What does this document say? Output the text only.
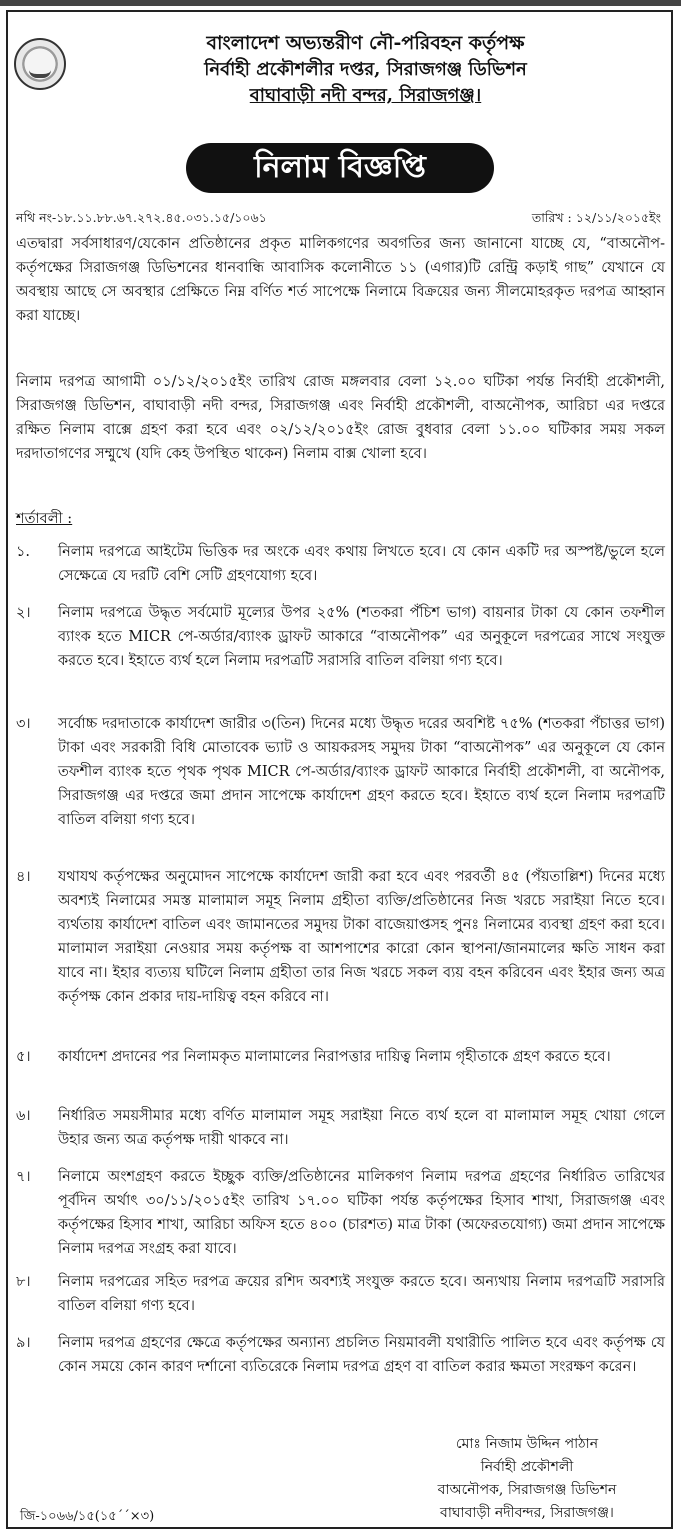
বাংলাদেশ অভ্যন্তরীণ নৌ-পরিবহন কর্তৃপক্ষ
নির্বাহী প্রকৌশলীর দপ্তর, সিরাজগঞ্জ ডিভিশন
বাঘাবাড়ী নদী বন্দর, সিরাজগঞ্জ।
নিলাম বিজ্ঞপ্তি
নথি নং-১৮.১১.৮৮.৬৭.২৭২.৪৫.০৩১.১৫/১০৬১	তারিখ : ১২/১১/২০১৫ইং
এতদ্বারা সর্বসাধারণ/যেকোন প্রতিষ্ঠানের প্রকৃত মালিকগণের অবগতির জন্য জানানো যাচ্ছে যে, “বাঅনৌপ-কর্তৃপক্ষের সিরাজগঞ্জ ডিভিশনের ধানবান্ধি আবাসিক কলোনীতে ১১ (এগার)টি রেন্ট্রি কড়াই গাছ” যেখানে যে অবস্থায় আছে সে অবস্থার প্রেক্ষিতে নিম্ন বর্ণিত শর্ত সাপেক্ষে নিলামে বিক্রয়ের জন্য সীলমোহরকৃত দরপত্র আহ্বান করা যাচ্ছে।
নিলাম দরপত্র আগামী ০১/১২/২০১৫ইং তারিখ রোজ মঙ্গলবার বেলা ১২.০০ ঘটিকা পর্যন্ত নির্বাহী প্রকৌশলী, সিরাজগঞ্জ ডিভিশন, বাঘাবাড়ী নদী বন্দর, সিরাজগঞ্জ এবং নির্বাহী প্রকৌশলী, বাঅনৌপক, আরিচা এর দপ্তরে রক্ষিত নিলাম বাক্সে গ্রহণ করা হবে এবং ০২/১২/২০১৫ইং রোজ বুধবার বেলা ১১.০০ ঘটিকার সময় সকল দরদাতাগণের সম্মুখে (যদি কেহ উপস্থিত থাকেন) নিলাম বাক্স খোলা হবে।
শর্তাবলী :
১.	নিলাম দরপত্রে আইটেম ভিত্তিক দর অংকে এবং কথায় লিখতে হবে। যে কোন একটি দর অস্পষ্ট/ভুলে হলে সেক্ষেত্রে যে দরটি বেশি সেটি গ্রহণযোগ্য হবে।
২।	নিলাম দরপত্রে উদ্ধৃত সর্বমোট মূল্যের উপর ২৫% (শতকরা পঁচিশ ভাগ) বায়নার টাকা যে কোন তফশীল ব্যাংক হতে MICR পে-অর্ডার/ব্যাংক ড্রাফট আকারে “বাঅনৌপক” এর অনুকূলে দরপত্রের সাথে সংযুক্ত করতে হবে। ইহাতে ব্যর্থ হলে নিলাম দরপত্রটি সরাসরি বাতিল বলিয়া গণ্য হবে।
৩।	সর্বোচ্চ দরদাতাকে কার্যাদেশ জারীর ৩(তিন) দিনের মধ্যে উদ্ধৃত দরের অবশিষ্ট ৭৫% (শতকরা পঁচাত্তর ভাগ) টাকা এবং সরকারী বিধি মোতাবেক ভ্যাট ও আয়করসহ সমুদয় টাকা “বাঅনৌপক” এর অনুকূলে যে কোন তফশীল ব্যাংক হতে পৃথক পৃথক MICR পে-অর্ডার/ব্যাংক ড্রাফট আকারে নির্বাহী প্রকৌশলী, বা অনৌপক, সিরাজগঞ্জ এর দপ্তরে জমা প্রদান সাপেক্ষে কার্যাদেশ গ্রহণ করতে হবে। ইহাতে ব্যর্থ হলে নিলাম দরপত্রটি বাতিল বলিয়া গণ্য হবে।
৪।	যথাযথ কর্তৃপক্ষের অনুমোদন সাপেক্ষে কার্যাদেশ জারী করা হবে এবং পরবর্তী ৪৫ (পঁয়তাল্লিশ) দিনের মধ্যে অবশ্যই নিলামের সমস্ত মালামাল সমূহ নিলাম গ্রহীতা ব্যক্তি/প্রতিষ্ঠানের নিজ খরচে সরাইয়া নিতে হবে। ব্যর্থতায় কার্যাদেশ বাতিল এবং জামানতের সমুদয় টাকা বাজেয়াপ্তসহ পুনঃ নিলামের ব্যবস্থা গ্রহণ করা হবে। মালামাল সরাইয়া নেওয়ার সময় কর্তৃপক্ষ বা আশপাশের কারো কোন স্থাপনা/জানমালের ক্ষতি সাধন করা যাবে না। ইহার ব্যত্যয় ঘটিলে নিলাম গ্রহীতা তার নিজ খরচে সকল ব্যয় বহন করিবেন এবং ইহার জন্য অত্র কর্তৃপক্ষ কোন প্রকার দায়-দায়িত্ব বহন করিবে না।
৫।	কার্যাদেশ প্রদানের পর নিলামকৃত মালামালের নিরাপত্তার দায়িত্ব নিলাম গৃহীতাকে গ্রহণ করতে হবে।
৬।	নির্ধারিত সময়সীমার মধ্যে বর্ণিত মালামাল সমূহ সরাইয়া নিতে ব্যর্থ হলে বা মালামাল সমূহ খোয়া গেলে উহার জন্য অত্র কর্তৃপক্ষ দায়ী থাকবে না।
৭।	নিলামে অংশগ্রহণ করতে ইচ্ছুক ব্যক্তি/প্রতিষ্ঠানের মালিকগণ নিলাম দরপত্র গ্রহণের নির্ধারিত তারিখের পূর্বদিন অর্থাৎ ৩০/১১/২০১৫ইং তারিখ ১৭.০০ ঘটিকা পর্যন্ত কর্তৃপক্ষের হিসাব শাখা, সিরাজগঞ্জ এবং কর্তৃপক্ষের হিসাব শাখা, আরিচা অফিস হতে ৪০০ (চারশত) মাত্র টাকা (অফেরতযোগ্য) জমা প্রদান সাপেক্ষে নিলাম দরপত্র সংগ্রহ করা যাবে।
৮।	নিলাম দরপত্রের সহিত দরপত্র ক্রয়ের রশিদ অবশ্যই সংযুক্ত করতে হবে। অন্যথায় নিলাম দরপত্রটি সরাসরি বাতিল বলিয়া গণ্য হবে।
৯।	নিলাম দরপত্র গ্রহণের ক্ষেত্রে কর্তৃপক্ষের অন্যান্য প্রচলিত নিয়মাবলী যথারীতি পালিত হবে এবং কর্তৃপক্ষ যে কোন সময়ে কোন কারণ দর্শানো ব্যতিরেকে নিলাম দরপত্র গ্রহণ বা বাতিল করার ক্ষমতা সংরক্ষণ করেন।
মোঃ নিজাম উদ্দিন পাঠান
নির্বাহী প্রকৌশলী
বাঅনৌপক, সিরাজগঞ্জ ডিভিশন
বাঘাবাড়ী নদীবন্দর, সিরাজগঞ্জ।
জি-১০৬৬/১৫(১৫´´×৩)
